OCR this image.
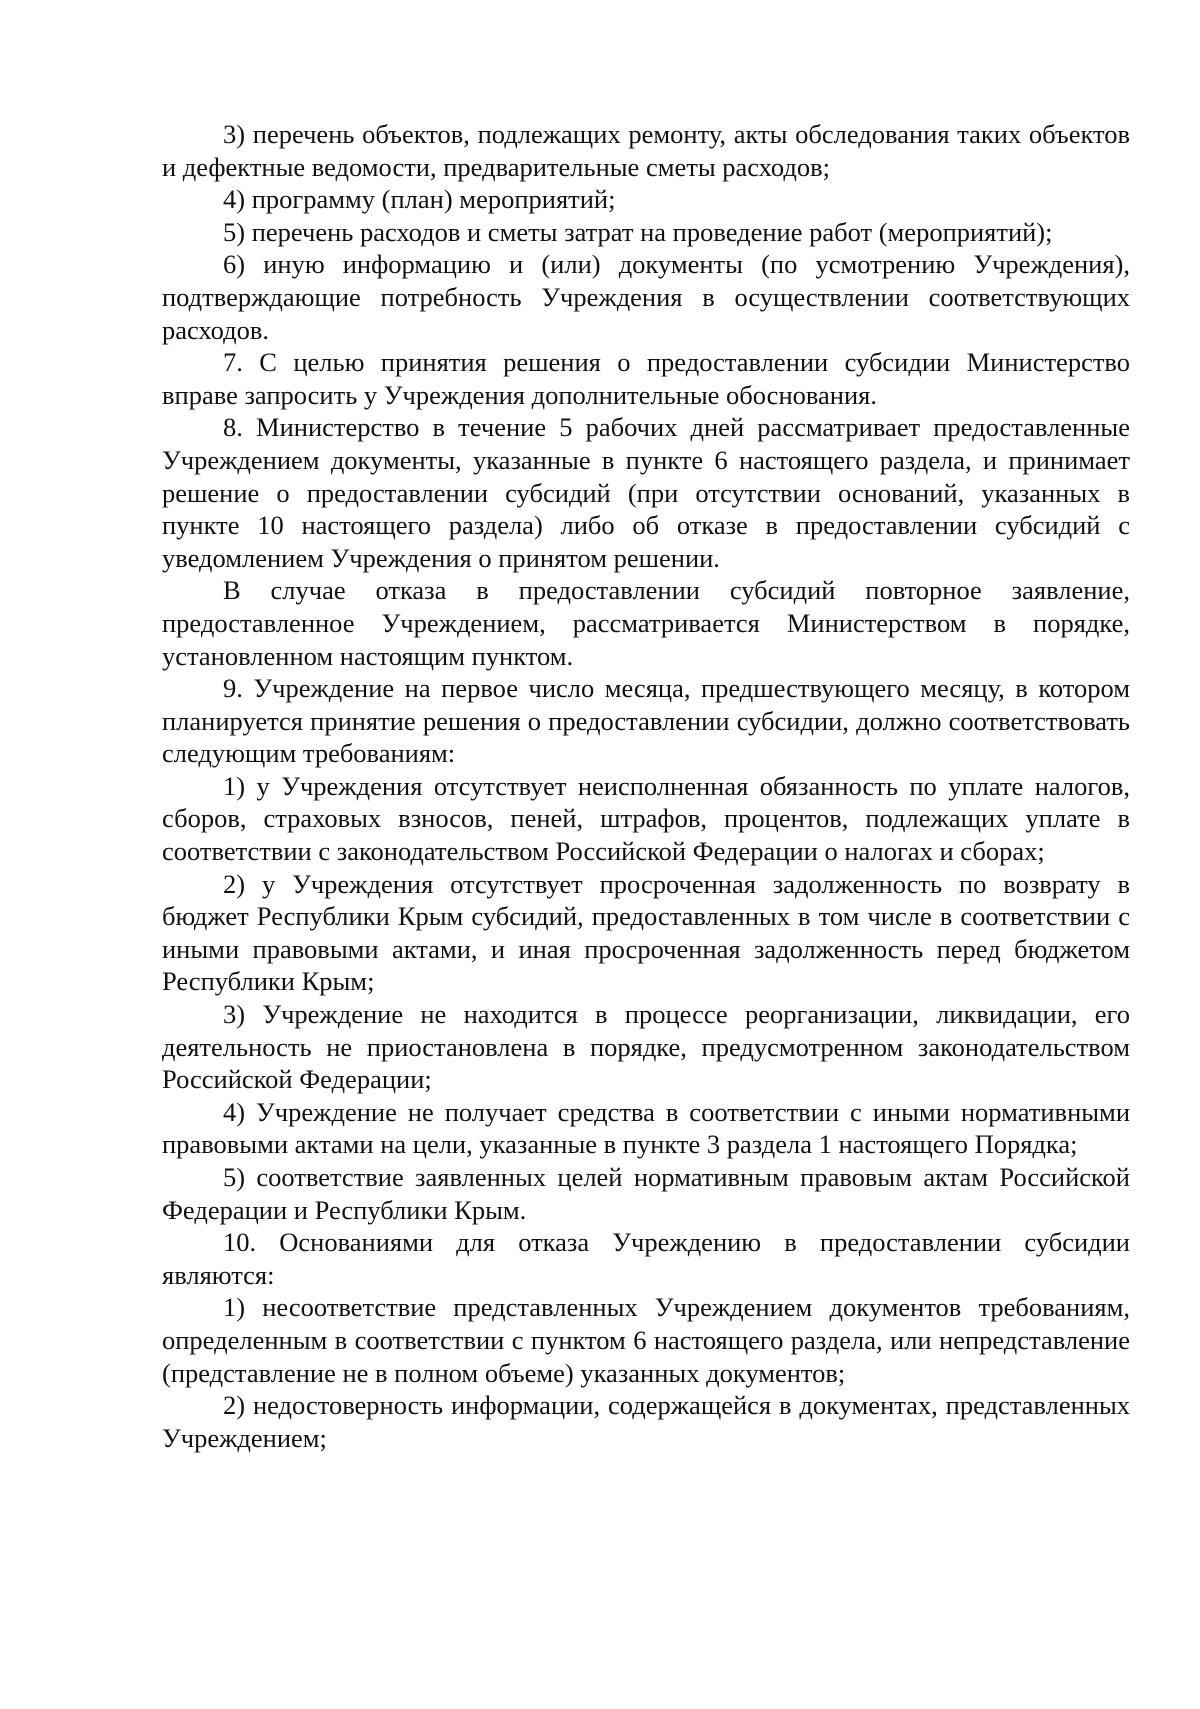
3) перечень объектов, подлежащих ремонту, акты обследования таких объектов и дефектные ведомости, предварительные сметы расходов;

4) программу (план) мероприятий;

5) перечень расходов и сметы затрат на проведение работ (мероприятий);

6) иную информацию и (или) документы (по усмотрению Учреждения), подтверждающие потребность Учреждения в осуществлении соответствующих расходов.

7. С целью принятия решения о предоставлении субсидии Министерство вправе запросить у Учреждения дополнительные обоснования.

8. Министерство в течение 5 рабочих дней рассматривает предоставленные Учреждением документы, указанные в пункте 6 настоящего раздела, и принимает решение о предоставлении субсидий (при отсутствии оснований, указанных в пункте 10 настоящего раздела) либо об отказе в предоставлении субсидий с уведомлением Учреждения о принятом решении.

В случае отказа в предоставлении субсидий повторное заявление, предоставленное Учреждением, рассматривается Министерством в порядке, установленном настоящим пунктом.

9. Учреждение на первое число месяца, предшествующего месяцу, в котором планируется принятие решения о предоставлении субсидии, должно соответствовать следующим требованиям:

1) у Учреждения отсутствует неисполненная обязанность по уплате налогов, сборов, страховых взносов, пеней, штрафов, процентов, подлежащих уплате в соответствии с законодательством Российской Федерации о налогах и сборах;

2) у Учреждения отсутствует просроченная задолженность по возврату в бюджет Республики Крым субсидий, предоставленных в том числе в соответствии с иными правовыми актами, и иная просроченная задолженность перед бюджетом Республики Крым;

3) Учреждение не находится в процессе реорганизации, ликвидации, его деятельность не приостановлена в порядке, предусмотренном законодательством Российской Федерации;

4) Учреждение не получает средства в соответствии с иными нормативными правовыми актами на цели, указанные в пункте 3 раздела 1 настоящего Порядка;

5) соответствие заявленных целей нормативным правовым актам Российской Федерации и Республики Крым.

10. Основаниями для отказа Учреждению в предоставлении субсидии являются:

1) несоответствие представленных Учреждением документов требованиям, определенным в соответствии с пунктом 6 настоящего раздела, или непредставление (представление не в полном объеме) указанных документов;

2) недостоверность информации, содержащейся в документах, представленных Учреждением;
